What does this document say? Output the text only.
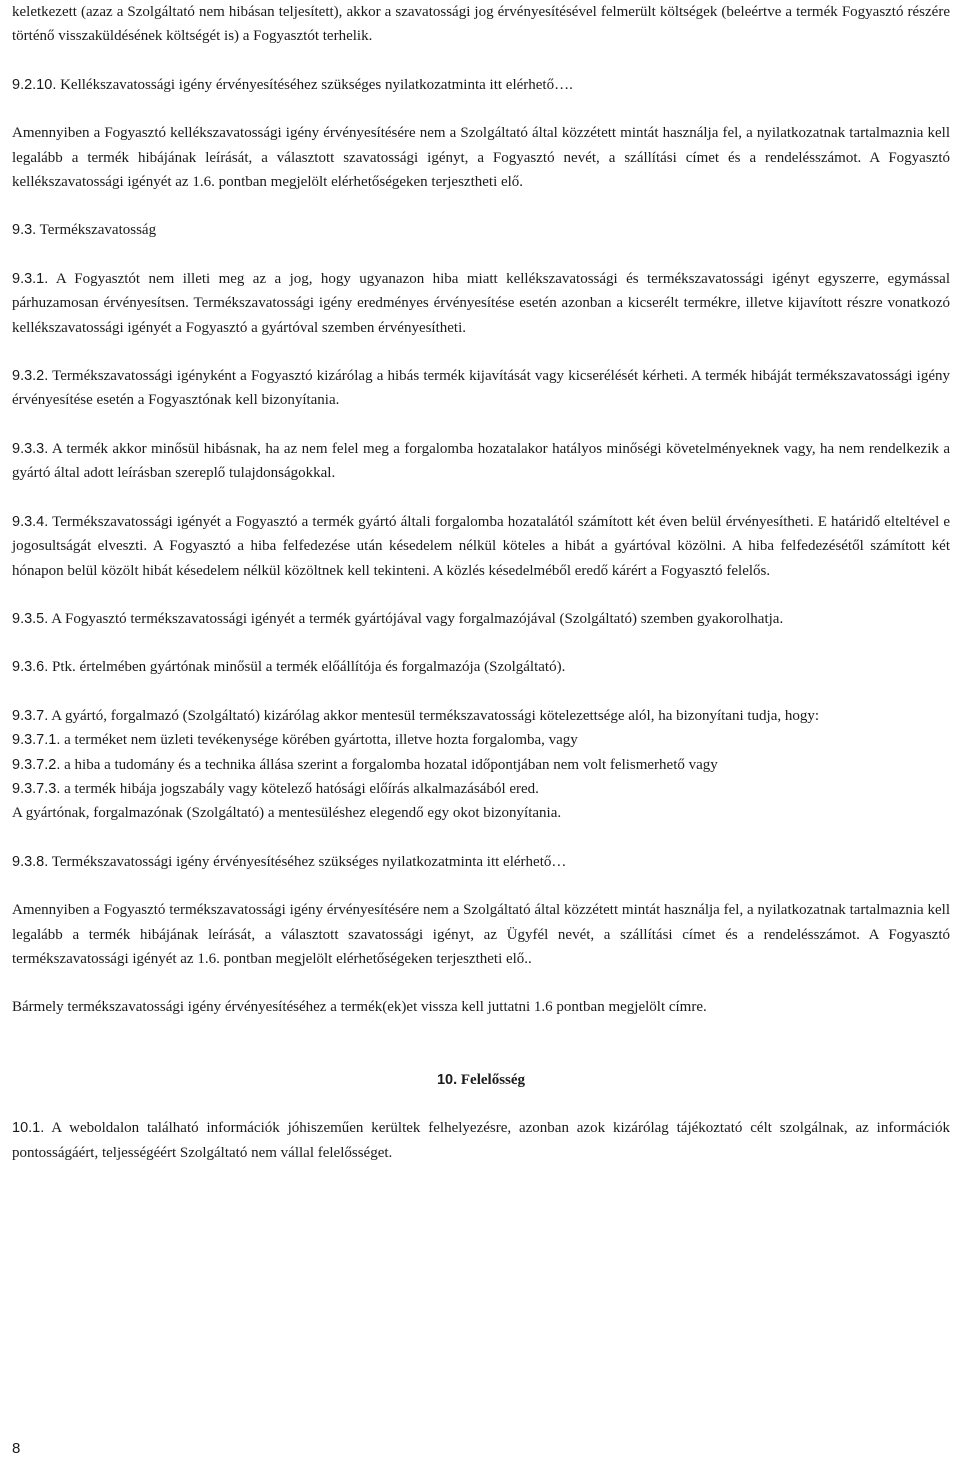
keletkezett (azaz a Szolgáltató nem hibásan teljesített), akkor a szavatossági jog érvényesítésével felmerült költségek (beleértve a termék Fogyasztó részére történő visszaküldésének költségét is) a Fogyasztót terhelik.

9.2.10. Kellékszavatossági igény érvényesítéséhez szükséges nyilatkozatminta itt elérhető….

Amennyiben a Fogyasztó kellékszavatossági igény érvényesítésére nem a Szolgáltató által közzétett mintát használja fel, a nyilatkozatnak tartalmaznia kell legalább a termék hibájának leírását, a választott szavatossági igényt, a Fogyasztó nevét, a szállítási címet és a rendelésszámot. A Fogyasztó kellékszavatossági igényét az 1.6. pontban megjelölt elérhetőségeken terjesztheti elő.

9.3. Termékszavatosság

9.3.1. A Fogyasztót nem illeti meg az a jog, hogy ugyanazon hiba miatt kellékszavatossági és termékszavatossági igényt egyszerre, egymással párhuzamosan érvényesítsen. Termékszavatossági igény eredményes érvényesítése esetén azonban a kicserélt termékre, illetve kijavított részre vonatkozó kellékszavatossági igényét a Fogyasztó a gyártóval szemben érvényesítheti.

9.3.2. Termékszavatossági igényként a Fogyasztó kizárólag a hibás termék kijavítását vagy kicserélését kérheti. A termék hibáját termékszavatossági igény érvényesítése esetén a Fogyasztónak kell bizonyítania.

9.3.3. A termék akkor minősül hibásnak, ha az nem felel meg a forgalomba hozatalakor hatályos minőségi követelményeknek vagy, ha nem rendelkezik a gyártó által adott leírásban szereplő tulajdonságokkal.

9.3.4. Termékszavatossági igényét a Fogyasztó a termék gyártó általi forgalomba hozatalától számított két éven belül érvényesítheti. E határidő elteltével e jogosultságát elveszti. A Fogyasztó a hiba felfedezése után késedelem nélkül köteles a hibát a gyártóval közölni. A hiba felfedezésétől számított két hónapon belül közölt hibát késedelem nélkül közöltnek kell tekinteni. A közlés késedelméből eredő kárért a Fogyasztó felelős.

9.3.5. A Fogyasztó termékszavatossági igényét a termék gyártójával vagy forgalmazójával (Szolgáltató) szemben gyakorolhatja.

9.3.6. Ptk. értelmében gyártónak minősül a termék előállítója és forgalmazója (Szolgáltató).

9.3.7. A gyártó, forgalmazó (Szolgáltató) kizárólag akkor mentesül termékszavatossági kötelezettsége alól, ha bizonyítani tudja, hogy:

9.3.7.1. a terméket nem üzleti tevékenysége körében gyártotta, illetve hozta forgalomba, vagy

9.3.7.2. a hiba a tudomány és a technika állása szerint a forgalomba hozatal időpontjában nem volt felismerhető vagy

9.3.7.3. a termék hibája jogszabály vagy kötelező hatósági előírás alkalmazásából ered.

A gyártónak, forgalmazónak (Szolgáltató) a mentesüléshez elegendő egy okot bizonyítania.

9.3.8. Termékszavatossági igény érvényesítéséhez szükséges nyilatkozatminta itt elérhető…

Amennyiben a Fogyasztó termékszavatossági igény érvényesítésére nem a Szolgáltató által közzétett mintát használja fel, a nyilatkozatnak tartalmaznia kell legalább a termék hibájának leírását, a választott szavatossági igényt, az Ügyfél nevét, a szállítási címet és a rendelésszámot. A Fogyasztó termékszavatossági igényét az 1.6. pontban megjelölt elérhetőségeken terjesztheti elő..

Bármely termékszavatossági igény érvényesítéséhez a termék(ek)et vissza kell juttatni 1.6 pontban megjelölt címre.

10. Felelősség

10.1. A weboldalon található információk jóhiszeműen kerültek felhelyezésre, azonban azok kizárólag tájékoztató célt szolgálnak, az információk pontosságáért, teljességéért Szolgáltató nem vállal felelősséget.

8
